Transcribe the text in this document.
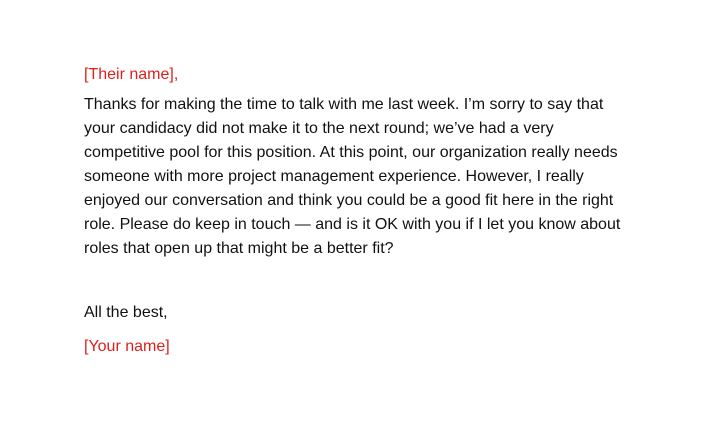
[Their name],

Thanks for making the time to talk with me last week. I’m sorry to say that
your candidacy did not make it to the next round; we’ve had a very
competitive pool for this position. At this point, our organization really needs
someone with more project management experience. However, I really
enjoyed our conversation and think you could be a good fit here in the right
role. Please do keep in touch — and is it OK with you if I let you know about
roles that open up that might be a better fit?

All the best,

[Your name]
